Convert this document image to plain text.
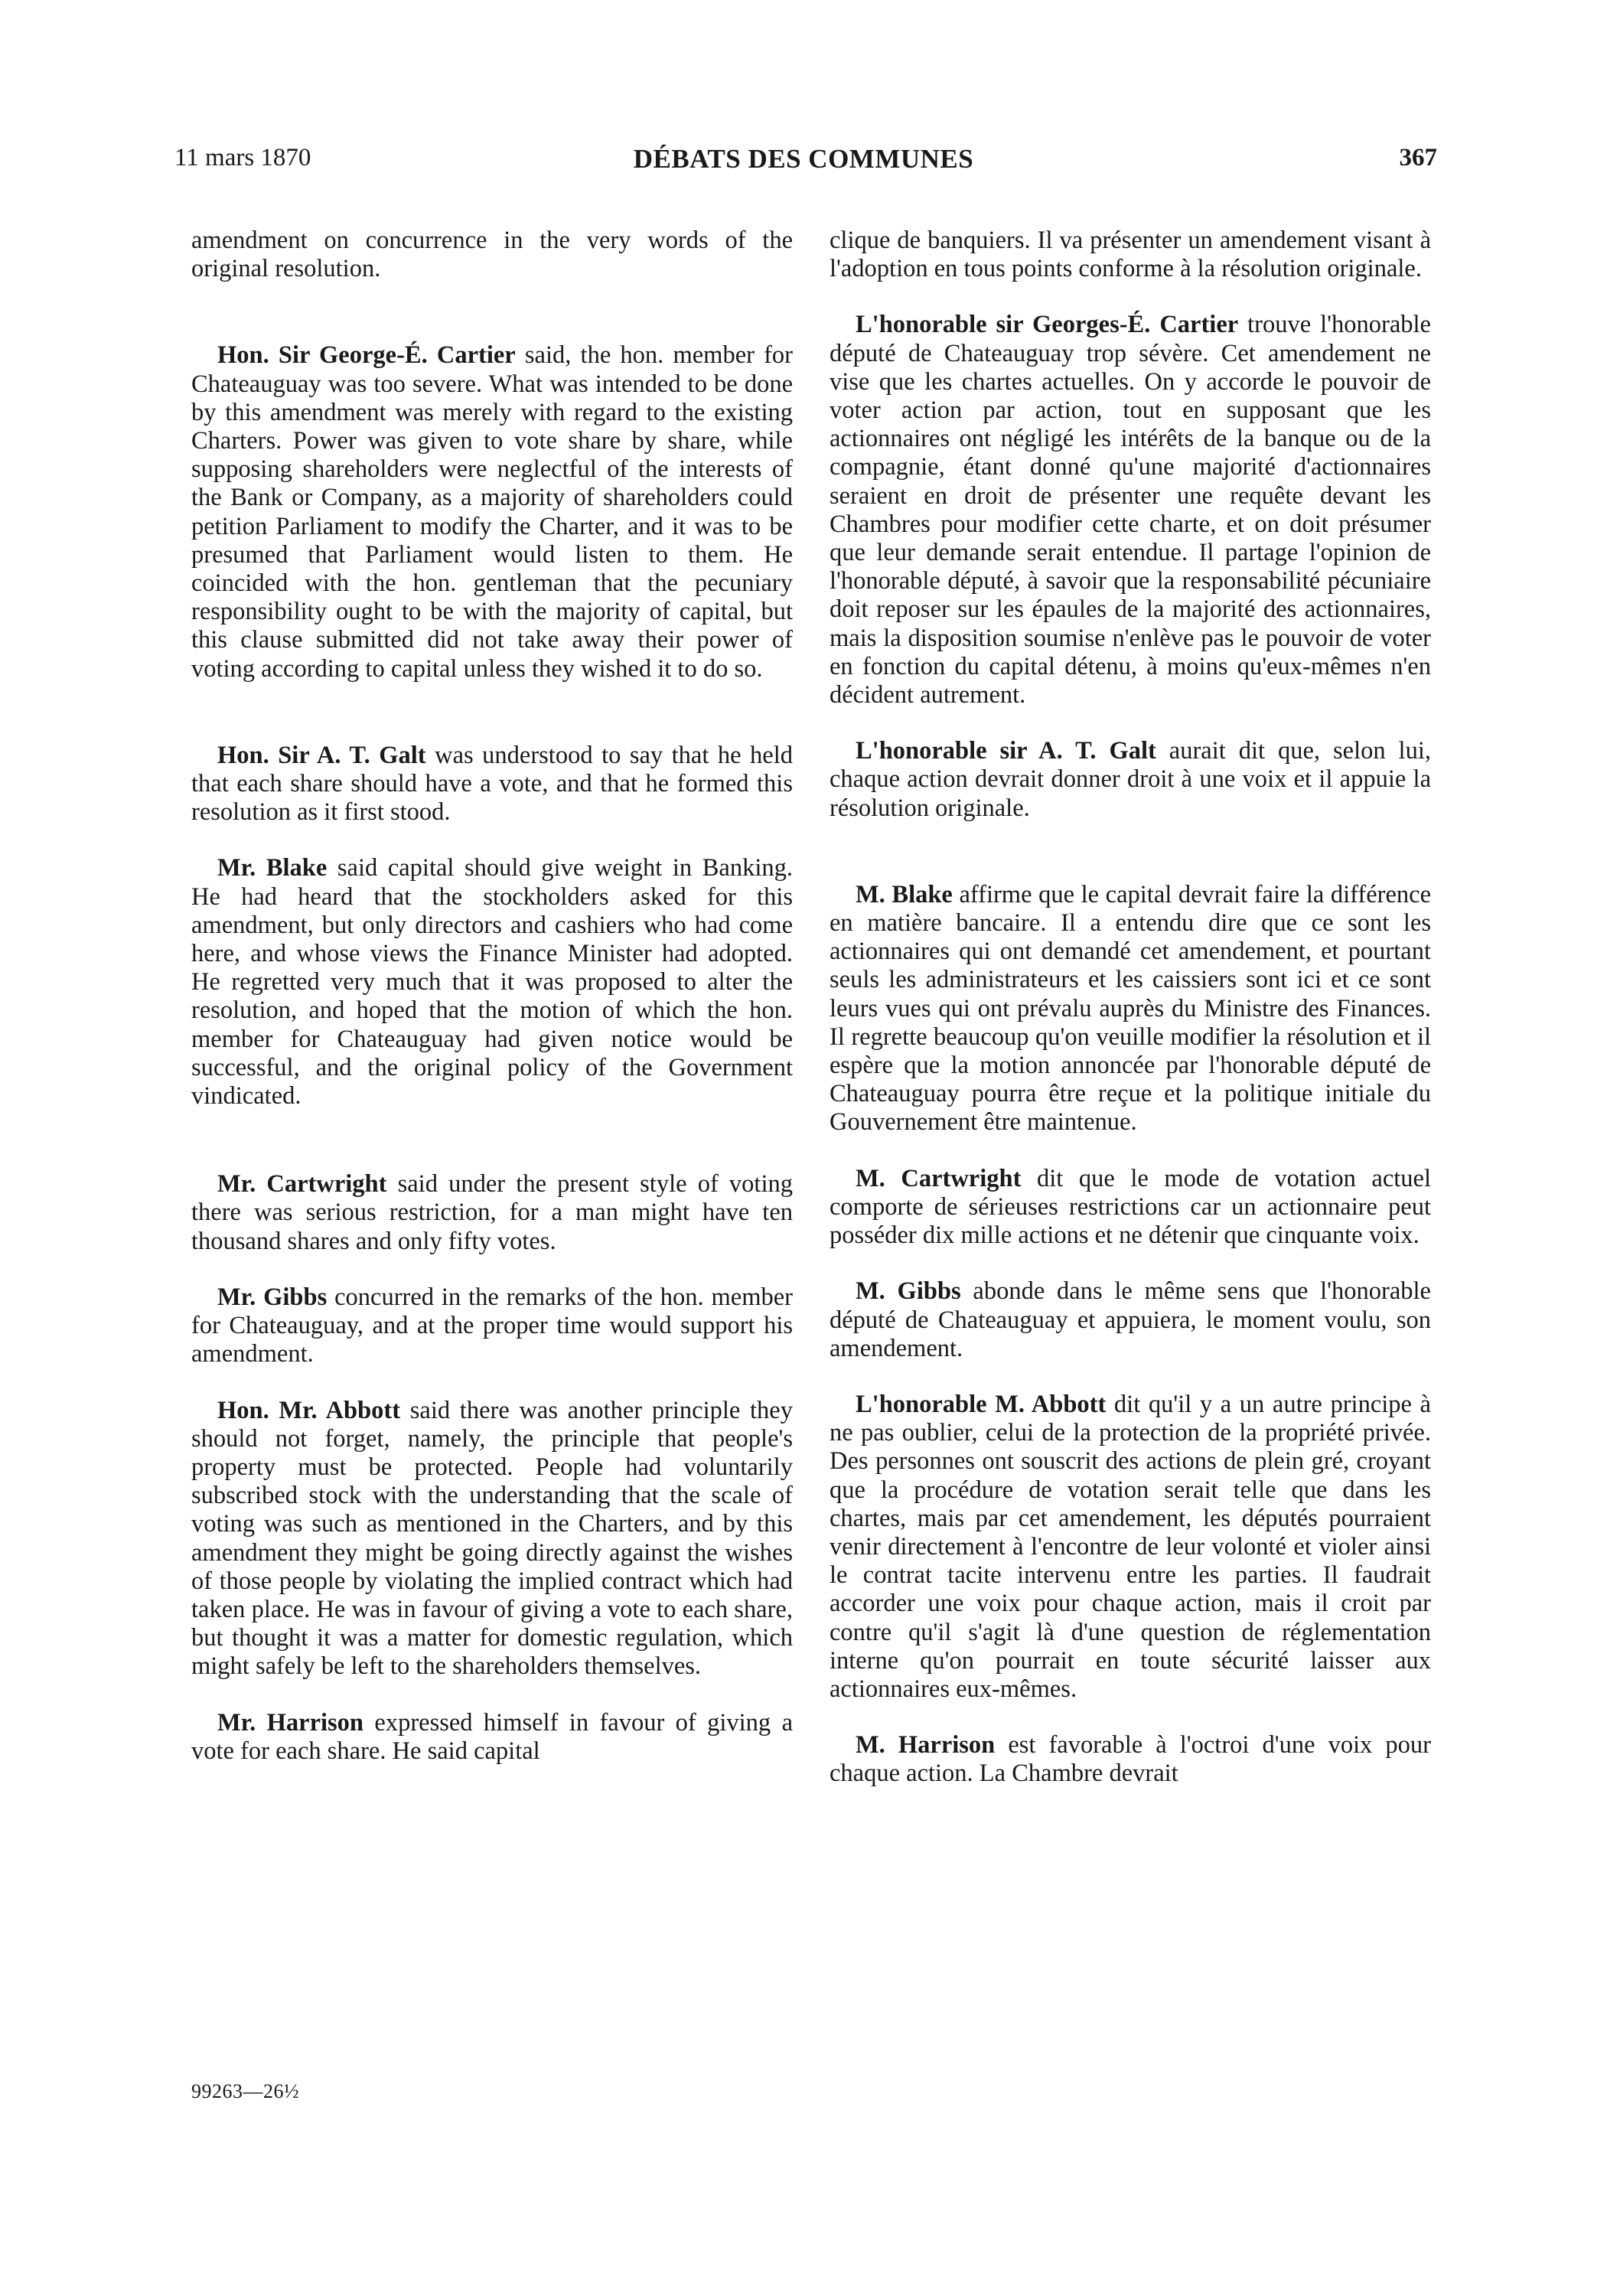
11 mars 1870	DÉBATS DES COMMUNES	367

amendment on concurrence in the very words of the original resolution.

Hon. Sir George-É. Cartier said, the hon. member for Chateauguay was too severe. What was intended to be done by this amendment was merely with regard to the existing Charters. Power was given to vote share by share, while supposing shareholders were neglectful of the interests of the Bank or Company, as a majority of shareholders could petition Parliament to modify the Charter, and it was to be presumed that Parliament would listen to them. He coincided with the hon. gentleman that the pecuniary responsibility ought to be with the majority of capital, but this clause submitted did not take away their power of voting according to capital unless they wished it to do so.

Hon. Sir A. T. Galt was understood to say that he held that each share should have a vote, and that he formed this resolution as it first stood.

Mr. Blake said capital should give weight in Banking. He had heard that the stockholders asked for this amendment, but only directors and cashiers who had come here, and whose views the Finance Minister had adopted. He regretted very much that it was proposed to alter the resolution, and hoped that the motion of which the hon. member for Chateauguay had given notice would be successful, and the original policy of the Government vindicated.

Mr. Cartwright said under the present style of voting there was serious restriction, for a man might have ten thousand shares and only fifty votes.

Mr. Gibbs concurred in the remarks of the hon. member for Chateauguay, and at the proper time would support his amendment.

Hon. Mr. Abbott said there was another principle they should not forget, namely, the principle that people's property must be protected. People had voluntarily subscribed stock with the understanding that the scale of voting was such as mentioned in the Charters, and by this amendment they might be going directly against the wishes of those people by violating the implied contract which had taken place. He was in favour of giving a vote to each share, but thought it was a matter for domestic regulation, which might safely be left to the shareholders themselves.

Mr. Harrison expressed himself in favour of giving a vote for each share. He said capital

clique de banquiers. Il va présenter un amendement visant à l'adoption en tous points conforme à la résolution originale.

L'honorable sir Georges-É. Cartier trouve l'honorable député de Chateauguay trop sévère. Cet amendement ne vise que les chartes actuelles. On y accorde le pouvoir de voter action par action, tout en supposant que les actionnaires ont négligé les intérêts de la banque ou de la compagnie, étant donné qu'une majorité d'actionnaires seraient en droit de présenter une requête devant les Chambres pour modifier cette charte, et on doit présumer que leur demande serait entendue. Il partage l'opinion de l'honorable député, à savoir que la responsabilité pécuniaire doit reposer sur les épaules de la majorité des actionnaires, mais la disposition soumise n'enlève pas le pouvoir de voter en fonction du capital détenu, à moins qu'eux-mêmes n'en décident autrement.

L'honorable sir A. T. Galt aurait dit que, selon lui, chaque action devrait donner droit à une voix et il appuie la résolution originale.

M. Blake affirme que le capital devrait faire la différence en matière bancaire. Il a entendu dire que ce sont les actionnaires qui ont demandé cet amendement, et pourtant seuls les administrateurs et les caissiers sont ici et ce sont leurs vues qui ont prévalu auprès du Ministre des Finances. Il regrette beaucoup qu'on veuille modifier la résolution et il espère que la motion annoncée par l'honorable député de Chateauguay pourra être reçue et la politique initiale du Gouvernement être maintenue.

M. Cartwright dit que le mode de votation actuel comporte de sérieuses restrictions car un actionnaire peut posséder dix mille actions et ne détenir que cinquante voix.

M. Gibbs abonde dans le même sens que l'honorable député de Chateauguay et appuiera, le moment voulu, son amendement.

L'honorable M. Abbott dit qu'il y a un autre principe à ne pas oublier, celui de la protection de la propriété privée. Des personnes ont souscrit des actions de plein gré, croyant que la procédure de votation serait telle que dans les chartes, mais par cet amendement, les députés pourraient venir directement à l'encontre de leur volonté et violer ainsi le contrat tacite intervenu entre les parties. Il faudrait accorder une voix pour chaque action, mais il croit par contre qu'il s'agit là d'une question de réglementation interne qu'on pourrait en toute sécurité laisser aux actionnaires eux-mêmes.

M. Harrison est favorable à l'octroi d'une voix pour chaque action. La Chambre devrait

99263—26½
